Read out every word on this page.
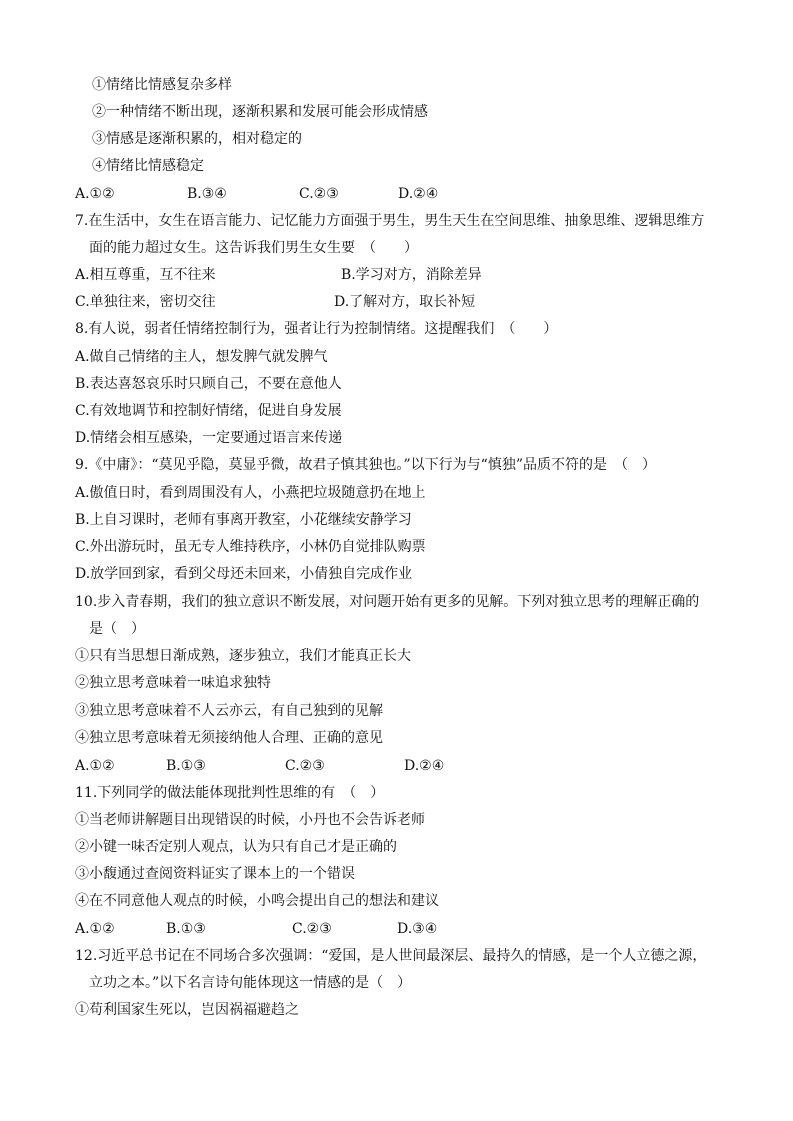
①情绪比情感复杂多样
②一种情绪不断出现，逐渐积累和发展可能会形成情感
③情感是逐渐积累的，相对稳定的
④情绪比情感稳定
A.①②	B.③④	C.②③	D.②④
7.在生活中，女生在语言能力、记忆能力方面强于男生，男生天生在空间思维、抽象思维、逻辑思维方
面的能力超过女生。这告诉我们男生女生要　（　　）
A.相互尊重，互不往来	B.学习对方，消除差异
C.单独往来，密切交往	D.了解对方，取长补短
8.有人说，弱者任情绪控制行为，强者让行为控制情绪。这提醒我们　（　　）
A.做自己情绪的主人，想发脾气就发脾气
B.表达喜怒哀乐时只顾自己，不要在意他人
C.有效地调节和控制好情绪，促进自身发展
D.情绪会相互感染，一定要通过语言来传递
9.《中庸》：“莫见乎隐，莫显乎微，故君子慎其独也。”以下行为与“慎独”品质不符的是　（　）
A.傲值日时，看到周围没有人，小燕把垃圾随意扔在地上
B.上自习课时，老师有事离开教室，小花继续安静学习
C.外出游玩时，虽无专人维持秩序，小林仍自觉排队购票
D.放学回到家，看到父母还未回来，小倩独自完成作业
10.步入青春期，我们的独立意识不断发展，对问题开始有更多的见解。下列对独立思考的理解正确的
是（　）
①只有当思想日渐成熟，逐步独立，我们才能真正长大
②独立思考意味着一味追求独特
③独立思考意味着不人云亦云，有自己独到的见解
④独立思考意味着无须接纳他人合理、正确的意见
A.①②	B.①③	C.②③	D.②④
11.下列同学的做法能体现批判性思维的有　（　）
①当老师讲解题目出现错误的时候，小丹也不会告诉老师
②小键一味否定别人观点，认为只有自己才是正确的
③小馥通过查阅资料证实了课本上的一个错误
④在不同意他人观点的时候，小鸣会提出自己的想法和建议
A.①②	B.①③	C.②③	D.③④
12.习近平总书记在不同场合多次强调：“爱国，是人世间最深层、最持久的情感，是一个人立德之源，
立功之本。”以下名言诗句能体现这一情感的是（　）
①苟利国家生死以，岂因祸福避趋之
